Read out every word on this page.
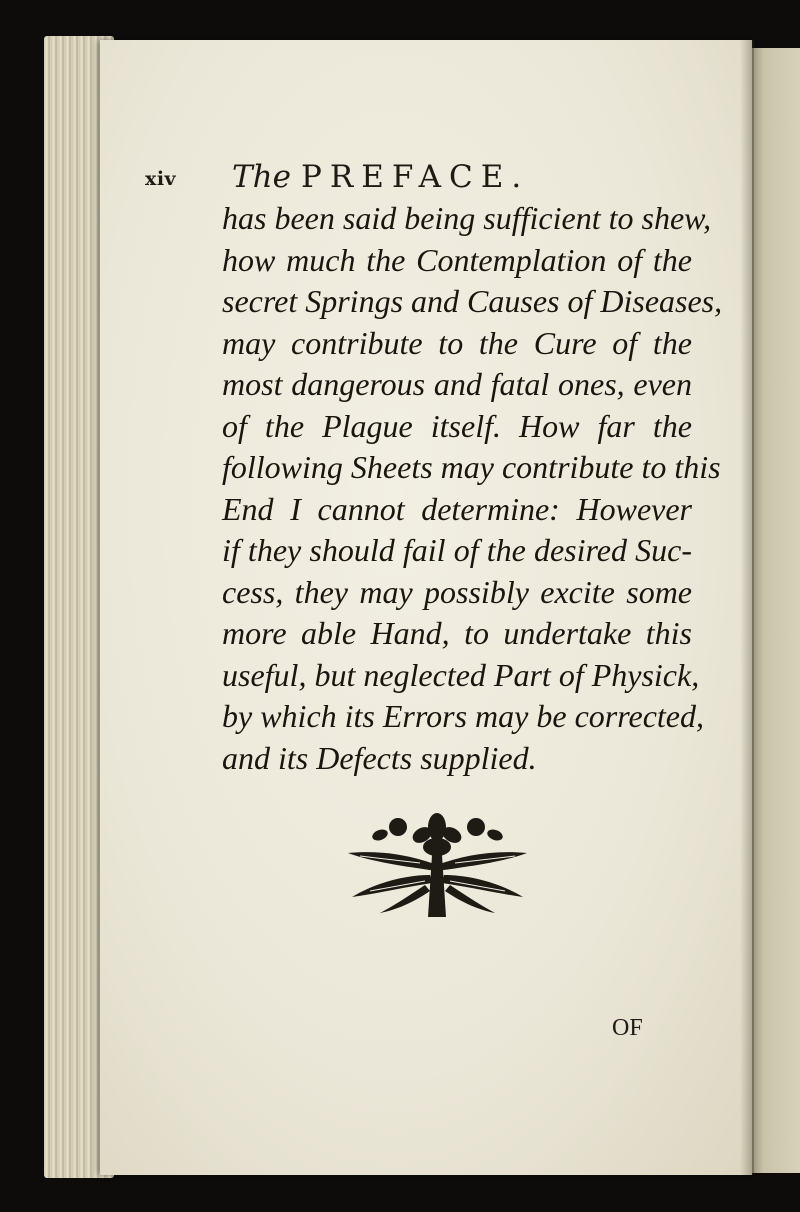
xiv The PREFACE.
has been said being sufficient to shew,
how much the Contemplation of the
secret Springs and Causes of Diseases,
may contribute to the Cure of the
most dangerous and fatal ones, even
of the Plague itself. How far the
following Sheets may contribute to this
End I cannot determine: However
if they should fail of the desired Suc-
cess, they may possibly excite some
more able Hand, to undertake this
useful, but neglected Part of Physick,
by which its Errors may be corrected,
and its Defects supplied.
OF
